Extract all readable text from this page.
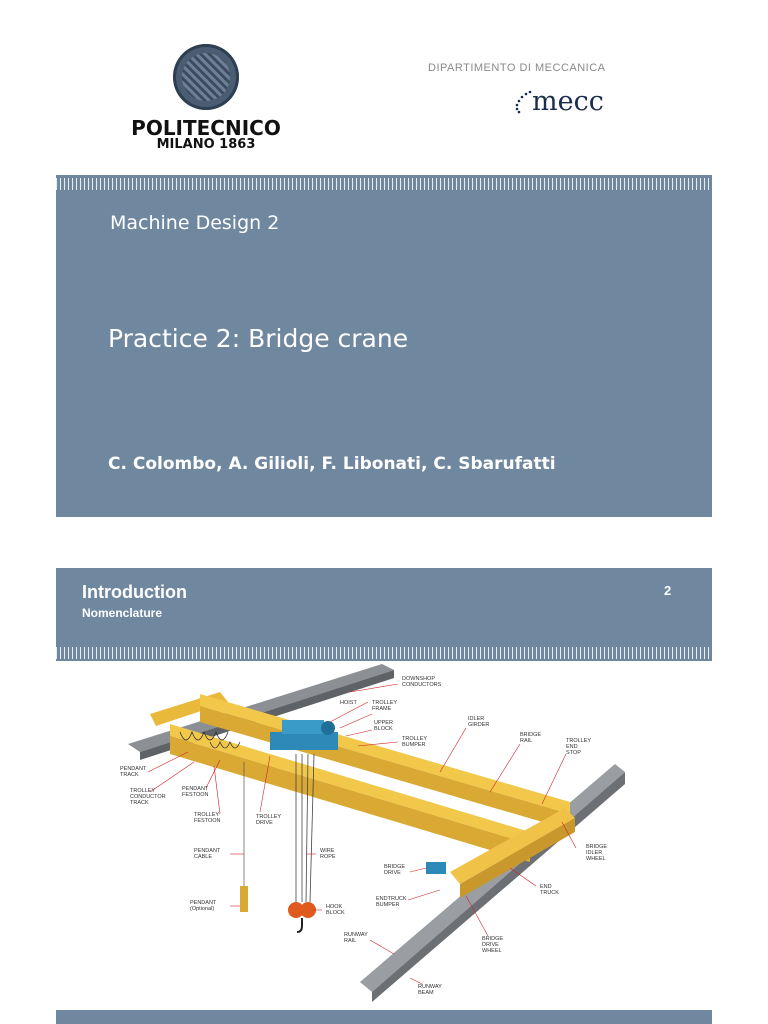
POLITECNICO
MILANO 1863
DIPARTIMENTO DI MECCANICA
mecc
Machine Design 2
Practice 2: Bridge crane
C. Colombo, A. Gilioli, F. Libonati, C. Sbarufatti
Introduction
Nomenclature
2
DOWNSHOP CONDUCTORS
HOIST	TROLLEY FRAME
UPPER BLOCK
TROLLEY BUMPER
IDLER GIRDER
BRIDGE RAIL	TROLLEY END STOP
PENDANT TRACK
TROLLEY CONDUCTOR TRACK
PENDANT FESTOON
TROLLEY FESTOON
TROLLEY DRIVE
BRIDGE IDLER WHEEL
PENDANT CABLE
WIRE ROPE
BRIDGE DRIVE
END TRUCK
ENDTRUCK BUMPER
PENDANT (Optional)	HOOK BLOCK
RUNWAY RAIL	BRIDGE DRIVE WHEEL
RUNWAY BEAM
